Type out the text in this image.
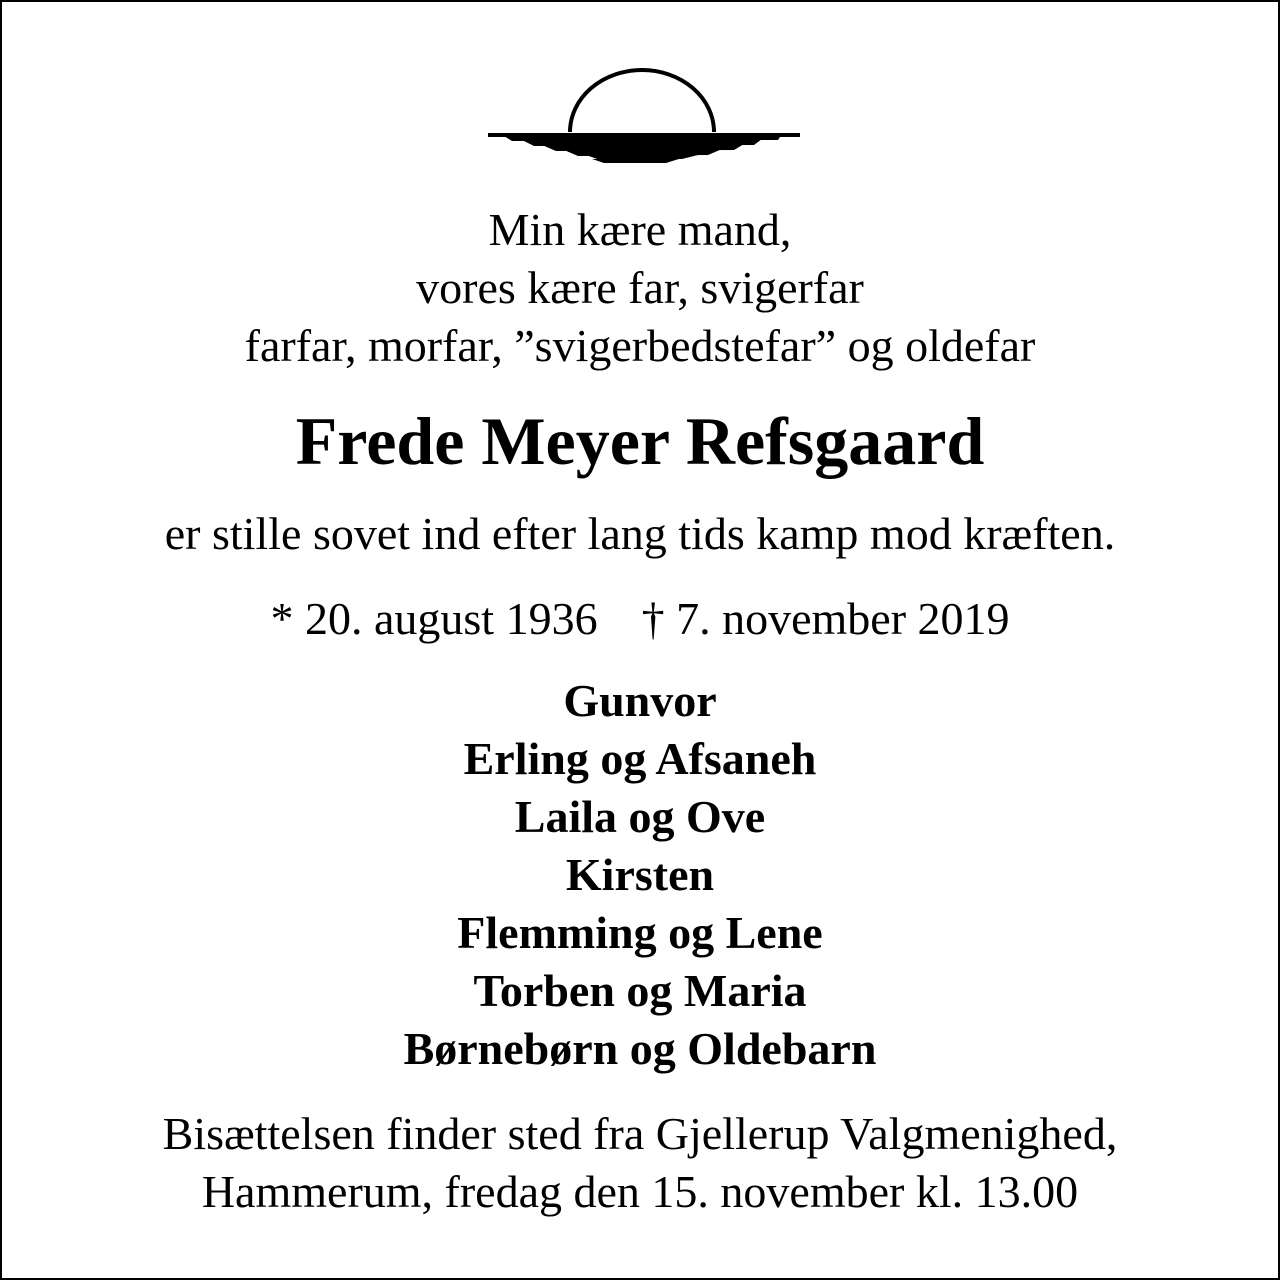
Min kære mand,
vores kære far, svigerfar
farfar, morfar, ”svigerbedstefar” og oldefar
Frede Meyer Refsgaard
er stille sovet ind efter lang tids kamp mod kræften.
* 20. august 1936 † 7. november 2019
Gunvor
Erling og Afsaneh
Laila og Ove
Kirsten
Flemming og Lene
Torben og Maria
Børnebørn og Oldebarn
Bisættelsen finder sted fra Gjellerup Valgmenighed,
Hammerum, fredag den 15. november kl. 13.00
